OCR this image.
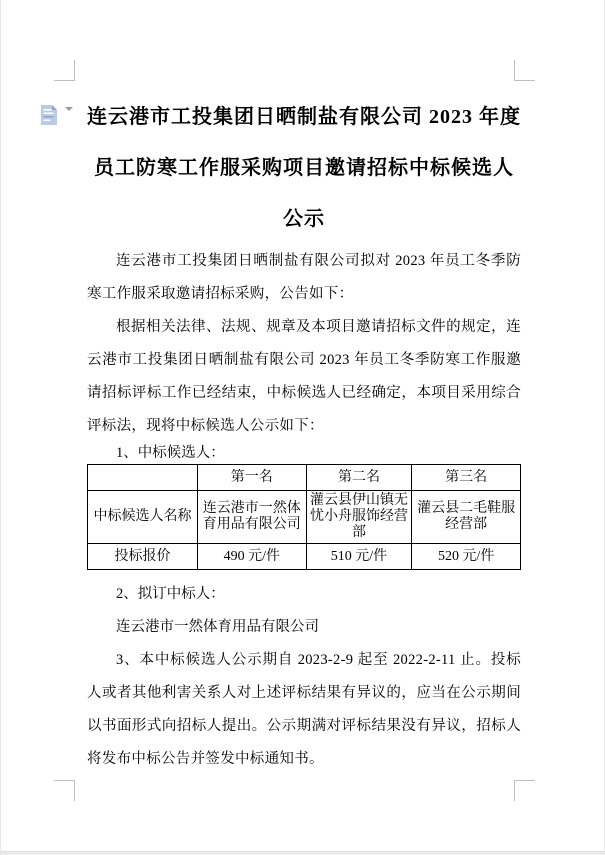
连云港市工投集团日晒制盐有限公司 2023 年度
员工防寒工作服采购项目邀请招标中标候选人
公示

连云港市工投集团日晒制盐有限公司拟对 2023 年员工冬季防寒工作服采取邀请招标采购，公告如下：

根据相关法律、法规、规章及本项目邀请招标文件的规定，连云港市工投集团日晒制盐有限公司 2023 年员工冬季防寒工作服邀请招标评标工作已经结束，中标候选人已经确定，本项目采用综合评标法，现将中标候选人公示如下：

1、中标候选人：

	第一名	第二名	第三名
中标候选人名称	连云港市一然体育用品有限公司	灌云县伊山镇无忧小舟服饰经营部	灌云县二毛鞋服经营部
投标报价	490 元/件	510 元/件	520 元/件

2、拟订中标人：

连云港市一然体育用品有限公司

3、本中标候选人公示期自 2023-2-9 起至 2022-2-11 止。投标人或者其他利害关系人对上述评标结果有异议的，应当在公示期间以书面形式向招标人提出。公示期满对评标结果没有异议，招标人将发布中标公告并签发中标通知书。
